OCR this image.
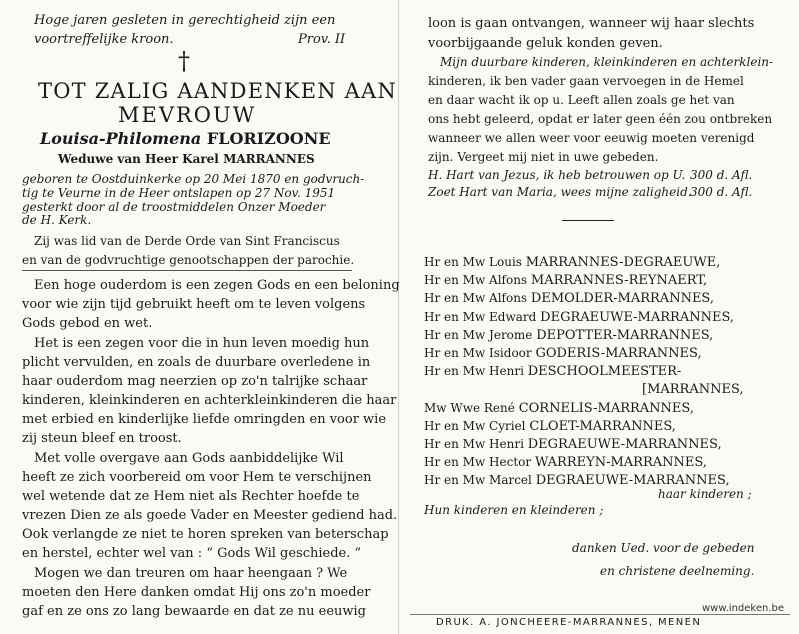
Hoge jaren gesleten in gerechtigheid zijn een
voortreffelijke kroon.	Prov. II
†
TOT ZALIG AANDENKEN AAN
MEVROUW
Louisa-Philomena FLORIZOONE
Weduwe van Heer Karel MARRANNES
geboren te Oostduinkerke op 20 Mei 1870 en godvruch-
tig te Veurne in de Heer ontslapen op 27 Nov. 1951
gesterkt door al de troostmiddelen Onzer Moeder
de H. Kerk.
Zij was lid van de Derde Orde van Sint Franciscus
en van de godvruchtige genootschappen der parochie.
Een hoge ouderdom is een zegen Gods en een beloning
voor wie zijn tijd gebruikt heeft om te leven volgens
Gods gebod en wet.
Het is een zegen voor die in hun leven moedig hun
plicht vervulden, en zoals de duurbare overledene in
haar ouderdom mag neerzien op zo'n talrijke schaar
kinderen, kleinkinderen en achterkleinkinderen die haar
met erbied en kinderlijke liefde omringden en voor wie
zij steun bleef en troost.
Met volle overgave aan Gods aanbiddelijke Wil
heeft ze zich voorbereid om voor Hem te verschijnen
wel wetende dat ze Hem niet als Rechter hoefde te
vrezen Dien ze als goede Vader en Meester gediend had.
Ook verlangde ze niet te horen spreken van beterschap
en herstel, echter wel van : “ Gods Wil geschiede. ”
Mogen we dan treuren om haar heengaan ? We
moeten den Here danken omdat Hij ons zo'n moeder
gaf en ze ons zo lang bewaarde en dat ze nu eeuwig
loon is gaan ontvangen, wanneer wij haar slechts
voorbijgaande geluk konden geven.
Mijn duurbare kinderen, kleinkinderen en achterklein-
kinderen, ik ben vader gaan vervoegen in de Hemel
en daar wacht ik op u. Leeft allen zoals ge het van
ons hebt geleerd, opdat er later geen één zou ontbreken
wanneer we allen weer voor eeuwig moeten verenigd
zijn. Vergeet mij niet in uwe gebeden.
H. Hart van Jezus, ik heb betrouwen op U. 300 d. Afl.
Zoet Hart van Maria, wees mijne zaligheid.
300 d. Afl.
Hr en Mw Louis MARRANNES-DEGRAEUWE,
Hr en Mw Alfons MARRANNES-REYNAERT,
Hr en Mw Alfons DEMOLDER-MARRANNES,
Hr en Mw Edward DEGRAEUWE-MARRANNES,
Hr en Mw Jerome DEPOTTER-MARRANNES,
Hr en Mw Isidoor GODERIS-MARRANNES,
Hr en Mw Henri DESCHOOLMEESTER-
[MARRANNES,
Mw Wwe René CORNELIS-MARRANNES,
Hr en Mw Cyriel CLOET-MARRANNES,
Hr en Mw Henri DEGRAEUWE-MARRANNES,
Hr en Mw Hector WARREYN-MARRANNES,
Hr en Mw Marcel DEGRAEUWE-MARRANNES,
haar kinderen ;
Hun kinderen en kleinderen ;
danken Ued. voor de gebeden
en christene deelneming.
www.indeken.be
DRUK. A. JONCHEERE-MARRANNES, MENEN
